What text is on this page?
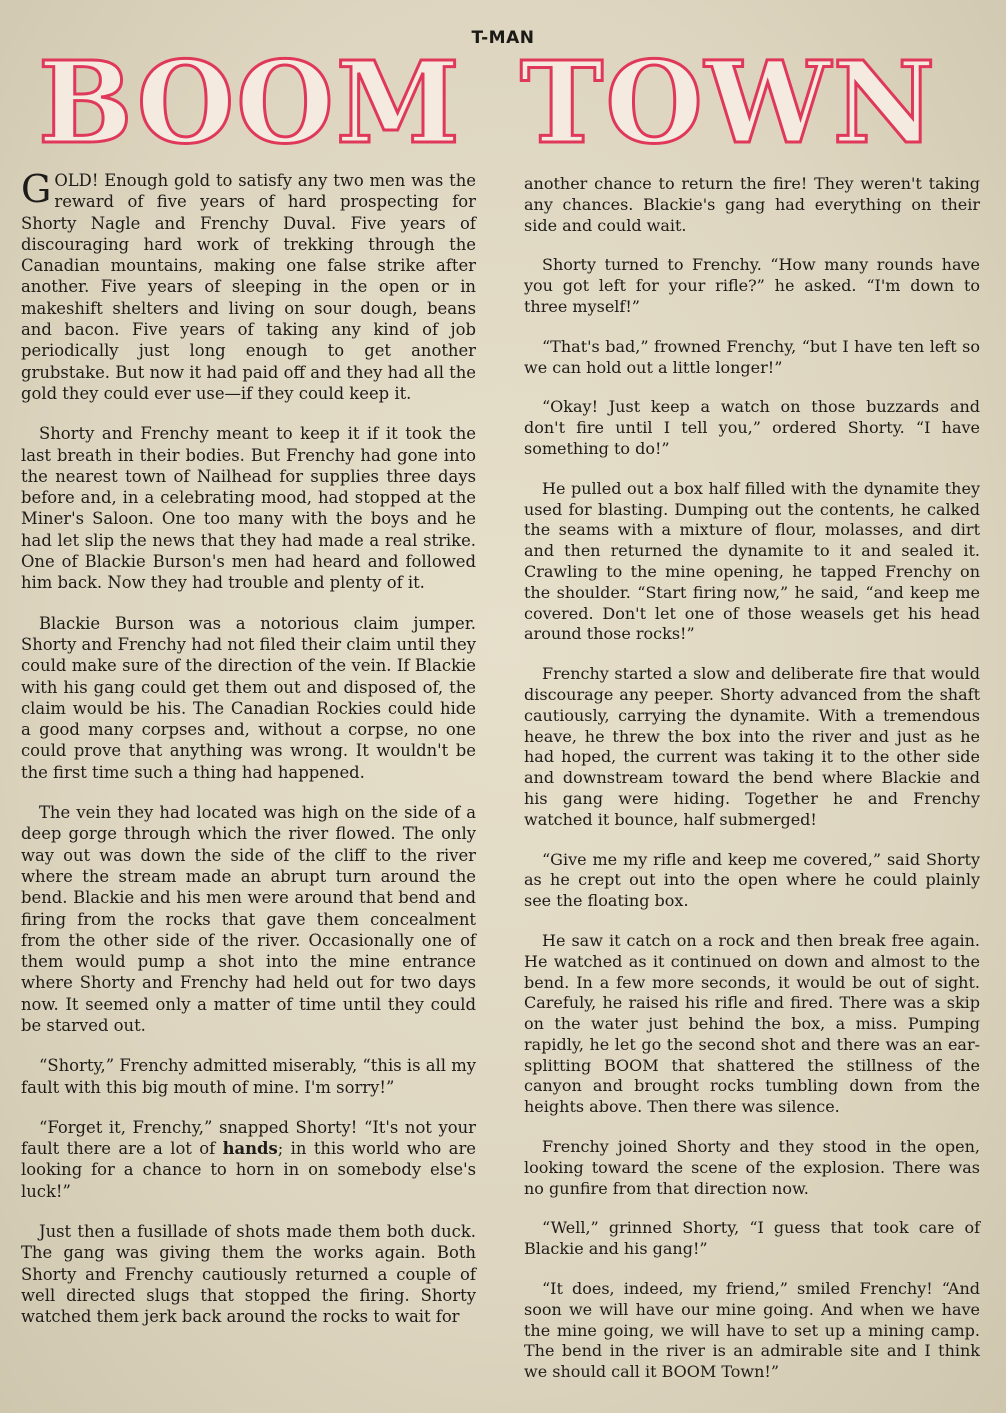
T-MAN
BOOM TOWN

GOLD! Enough gold to satisfy any two men was the reward of five years of hard prospecting for Shorty Nagle and Frenchy Duval. Five years of discouraging hard work of trekking through the Canadian mountains, making one false strike after another. Five years of sleeping in the open or in makeshift shelters and living on sour dough, beans and bacon. Five years of taking any kind of job periodically just long enough to get another grubstake. But now it had paid off and they had all the gold they could ever use—if they could keep it.

Shorty and Frenchy meant to keep it if it took the last breath in their bodies. But Frenchy had gone into the nearest town of Nailhead for supplies three days before and, in a celebrating mood, had stopped at the Miner's Saloon. One too many with the boys and he had let slip the news that they had made a real strike. One of Blackie Burson's men had heard and followed him back. Now they had trouble and plenty of it.

Blackie Burson was a notorious claim jumper. Shorty and Frenchy had not filed their claim until they could make sure of the direction of the vein. If Blackie with his gang could get them out and disposed of, the claim would be his. The Canadian Rockies could hide a good many corpses and, without a corpse, no one could prove that anything was wrong. It wouldn't be the first time such a thing had happened.

The vein they had located was high on the side of a deep gorge through which the river flowed. The only way out was down the side of the cliff to the river where the stream made an abrupt turn around the bend. Blackie and his men were around that bend and firing from the rocks that gave them concealment from the other side of the river. Occasionally one of them would pump a shot into the mine entrance where Shorty and Frenchy had held out for two days now. It seemed only a matter of time until they could be starved out.

“Shorty,” Frenchy admitted miserably, “this is all my fault with this big mouth of mine. I'm sorry!”

“Forget it, Frenchy,” snapped Shorty! “It's not your fault there are a lot of hands; in this world who are looking for a chance to horn in on somebody else's luck!”

Just then a fusillade of shots made them both duck. The gang was giving them the works again. Both Shorty and Frenchy cautiously returned a couple of well directed slugs that stopped the firing. Shorty watched them jerk back around the rocks to wait for

another chance to return the fire! They weren't taking any chances. Blackie's gang had everything on their side and could wait.

Shorty turned to Frenchy. “How many rounds have you got left for your rifle?” he asked. “I'm down to three myself!”

“That's bad,” frowned Frenchy, “but I have ten left so we can hold out a little longer!”

“Okay! Just keep a watch on those buzzards and don't fire until I tell you,” ordered Shorty. “I have something to do!”

He pulled out a box half filled with the dynamite they used for blasting. Dumping out the contents, he calked the seams with a mixture of flour, molasses, and dirt and then returned the dynamite to it and sealed it. Crawling to the mine opening, he tapped Frenchy on the shoulder. “Start firing now,” he said, “and keep me covered. Don't let one of those weasels get his head around those rocks!”

Frenchy started a slow and deliberate fire that would discourage any peeper. Shorty advanced from the shaft cautiously, carrying the dynamite. With a tremendous heave, he threw the box into the river and just as he had hoped, the current was taking it to the other side and downstream toward the bend where Blackie and his gang were hiding. Together he and Frenchy watched it bounce, half submerged!

“Give me my rifle and keep me covered,” said Shorty as he crept out into the open where he could plainly see the floating box.

He saw it catch on a rock and then break free again. He watched as it continued on down and almost to the bend. In a few more seconds, it would be out of sight. Carefuly, he raised his rifle and fired. There was a skip on the water just behind the box, a miss. Pumping rapidly, he let go the second shot and there was an ear-splitting BOOM that shattered the stillness of the canyon and brought rocks tumbling down from the heights above. Then there was silence.

Frenchy joined Shorty and they stood in the open, looking toward the scene of the explosion. There was no gunfire from that direction now.

“Well,” grinned Shorty, “I guess that took care of Blackie and his gang!”

“It does, indeed, my friend,” smiled Frenchy! “And soon we will have our mine going. And when we have the mine going, we will have to set up a mining camp. The bend in the river is an admirable site and I think we should call it BOOM Town!”
